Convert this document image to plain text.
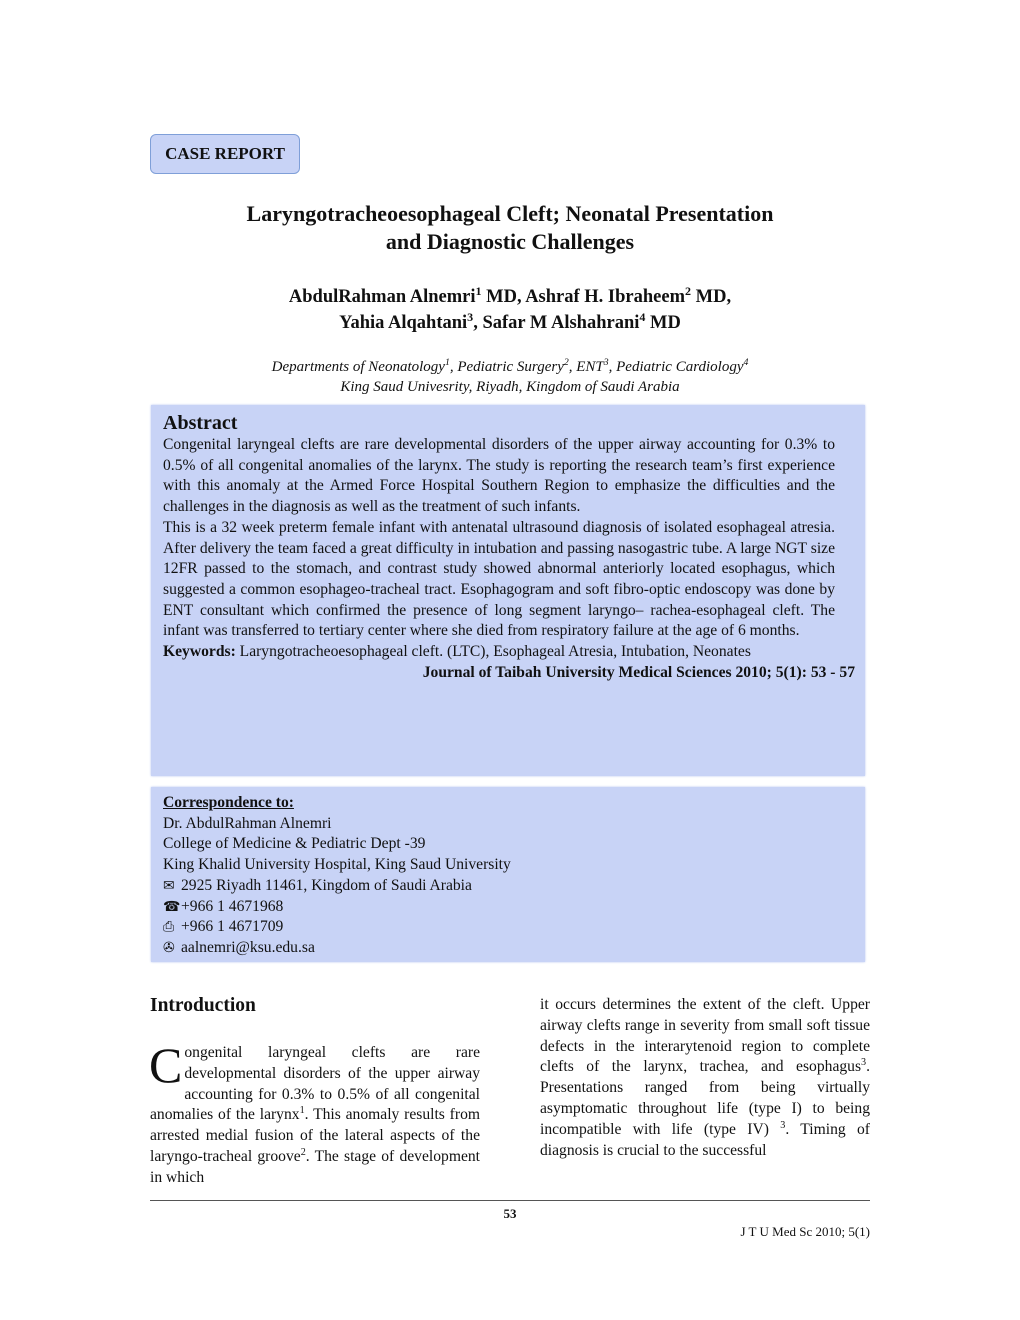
CASE REPORT
Laryngotracheoesophageal Cleft; Neonatal Presentation
and Diagnostic Challenges
AbdulRahman Alnemri$^1$ MD, Ashraf H. Ibraheem$^2$ MD,
Yahia Alqahtani$^3$, Safar M Alshahrani$^4$ MD
Departments of Neonatology$^1$, Pediatric Surgery$^2$, ENT$^3$, Pediatric Cardiology$^4$
King Saud Univesrity, Riyadh, Kingdom of Saudi Arabia
Abstract

Congenital laryngeal clefts are rare developmental disorders of the upper airway accounting for 0.3% to 0.5% of all congenital anomalies of the larynx. The study is reporting the research team’s first experience with this anomaly at the Armed Force Hospital Southern Region to emphasize the difficulties and the challenges in the diagnosis as well as the treatment of such infants.

This is a 32 week preterm female infant with antenatal ultrasound diagnosis of isolated esophageal atresia. After delivery the team faced a great difficulty in intubation and passing nasogastric tube. A large NGT size 12FR passed to the stomach, and contrast study showed abnormal anteriorly located esophagus, which suggested a common esophageo-tracheal tract. Esophagogram and soft fibro-optic endoscopy was done by ENT consultant which confirmed the presence of long segment laryngo– rachea-esophageal cleft. The infant was transferred to tertiary center where she died from respiratory failure at the age of 6 months.

Keywords: Laryngotracheoesophageal cleft. (LTC), Esophageal Atresia, Intubation, Neonates

Journal of Taibah University Medical Sciences 2010; 5(1): 53 - 57

Correspondence to:
Dr. AbdulRahman Alnemri
College of Medicine & Pediatric Dept -39
King Khalid University Hospital, King Saud University
✉ 2925 Riyadh 11461, Kingdom of Saudi Arabia
☎+966 1 4671968
⎙ +966 1 4671709
✇ aalnemri@ksu.edu.sa
Introduction

Congenital laryngeal clefts are rare developmental disorders of the upper airway accounting for 0.3% to 0.5% of all congenital anomalies of the larynx$^1$. This anomaly results from arrested medial fusion of the lateral aspects of the laryngo-tracheal groove$^2$. The stage of development in which

it occurs determines the extent of the cleft. Upper airway clefts range in severity from small soft tissue defects in the interarytenoid region to complete clefts of the larynx, trachea, and esophagus$^3$. Presentations ranged from being virtually asymptomatic throughout life (type I) to being incompatible with life (type IV) $^3$. Timing of diagnosis is crucial to the successful

53
J T U Med Sc 2010; 5(1)
